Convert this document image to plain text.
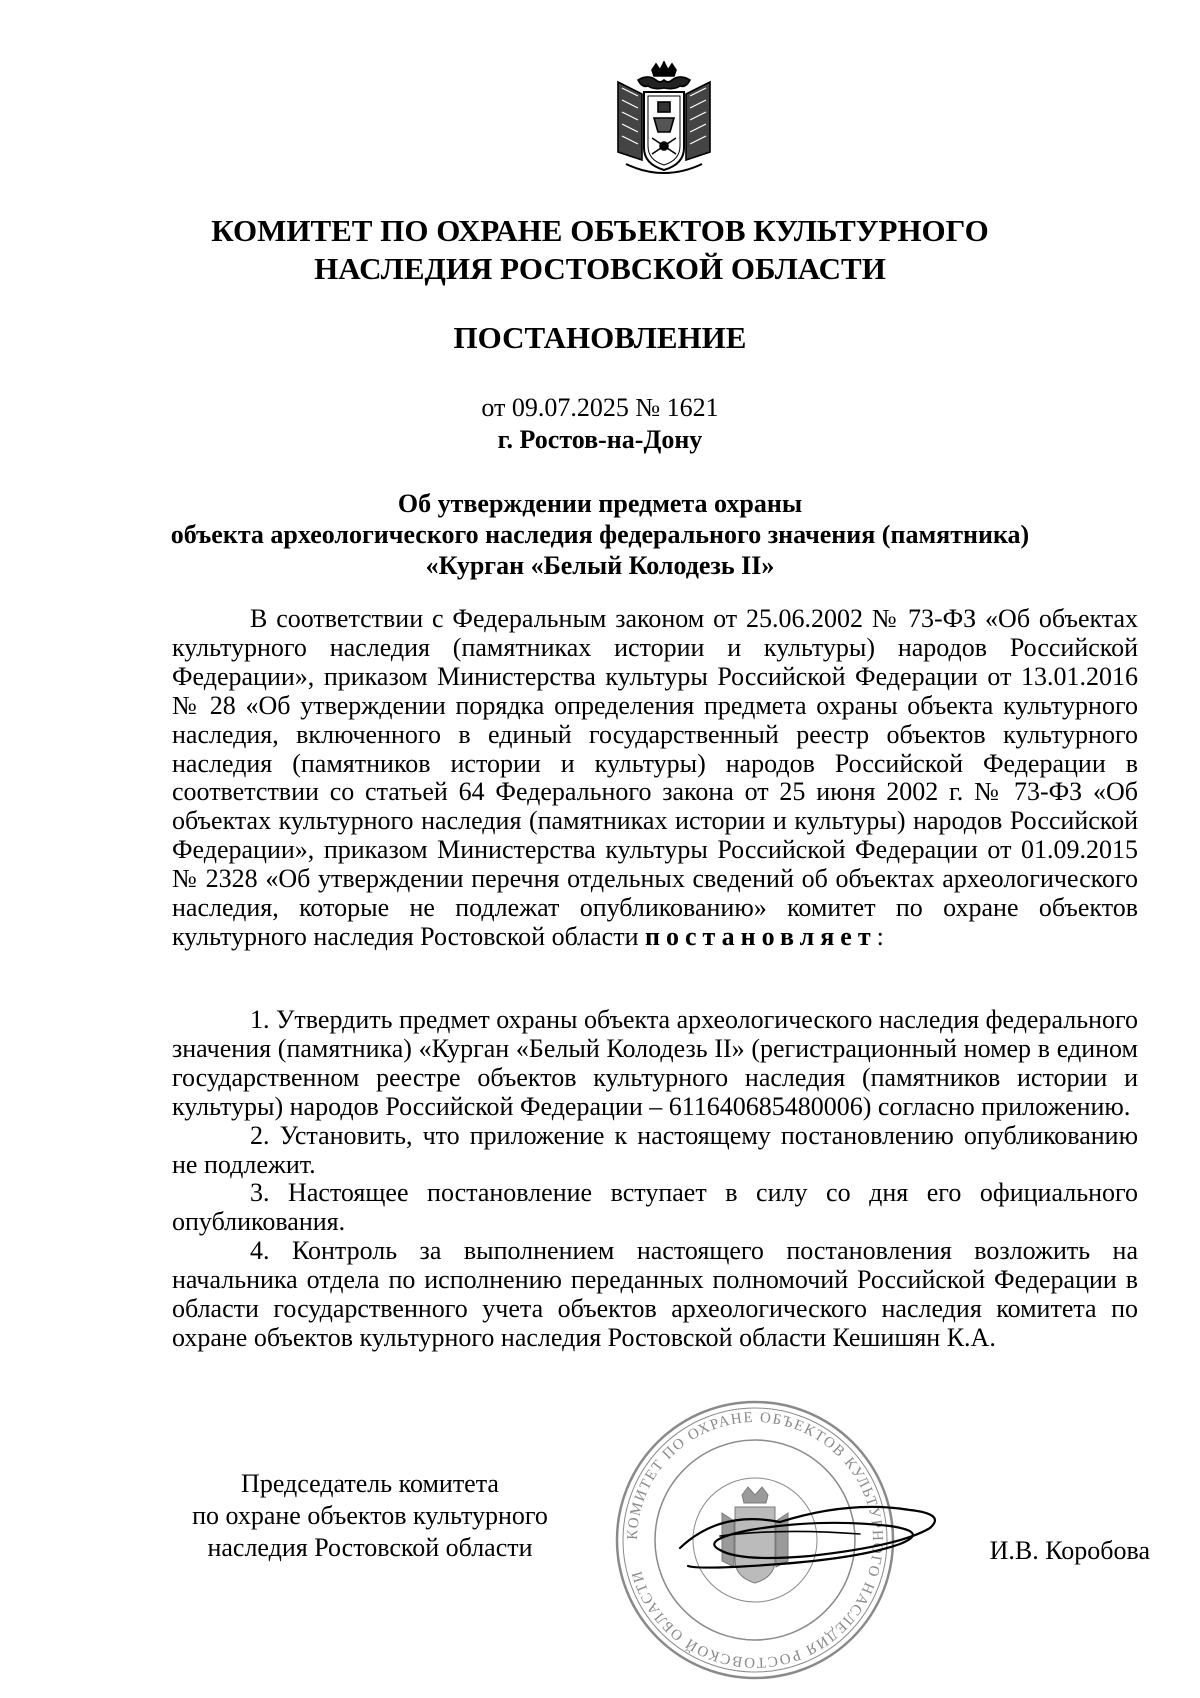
КОМИТЕТ ПО ОХРАНЕ ОБЪЕКТОВ КУЛЬТУРНОГО
НАСЛЕДИЯ РОСТОВСКОЙ ОБЛАСТИ
ПОСТАНОВЛЕНИЕ
от 09.07.2025 № 1621
г. Ростов-на-Дону
Об утверждении предмета охраны
объекта археологического наследия федерального значения (памятника)
«Курган «Белый Колодезь II»

В соответствии с Федеральным законом от 25.06.2002 № 73-ФЗ «Об объектах культурного наследия (памятниках истории и культуры) народов Российской Федерации», приказом Министерства культуры Российской Федерации от 13.01.2016 № 28 «Об утверждении порядка определения предмета охраны объекта культурного наследия, включенного в единый государственный реестр объектов культурного наследия (памятников истории и культуры) народов Российской Федерации в соответствии со статьей 64 Федерального закона от 25 июня 2002 г. № 73-ФЗ «Об объектах культурного наследия (памятниках истории и культуры) народов Российской Федерации», приказом Министерства культуры Российской Федерации от 01.09.2015 № 2328 «Об утверждении перечня отдельных сведений об объектах археологического наследия, которые не подлежат опубликованию» комитет по охране объектов культурного наследия Ростовской области постановляет:

1. Утвердить предмет охраны объекта археологического наследия федерального значения (памятника) «Курган «Белый Колодезь II» (регистрационный номер в едином государственном реестре объектов культурного наследия (памятников истории и культуры) народов Российской Федерации – 611640685480006) согласно приложению.

2. Установить, что приложение к настоящему постановлению опубликованию не подлежит.

3. Настоящее постановление вступает в силу со дня его официального опубликования.

4. Контроль за выполнением настоящего постановления возложить на начальника отдела по исполнению переданных полномочий Российской Федерации в области государственного учета объектов археологического наследия комитета по охране объектов культурного наследия Ростовской области Кешишян К.А.

Председатель комитета
по охране объектов культурного
наследия Ростовской области	КОМИТЕТ ПО ОХРАНЕ ОБЪЕКТОВ КУЛЬТУРНОГО НАСЛЕДИЯ РОСТОВСКОЙ ОБЛАСТИ
И.В. Коробова
